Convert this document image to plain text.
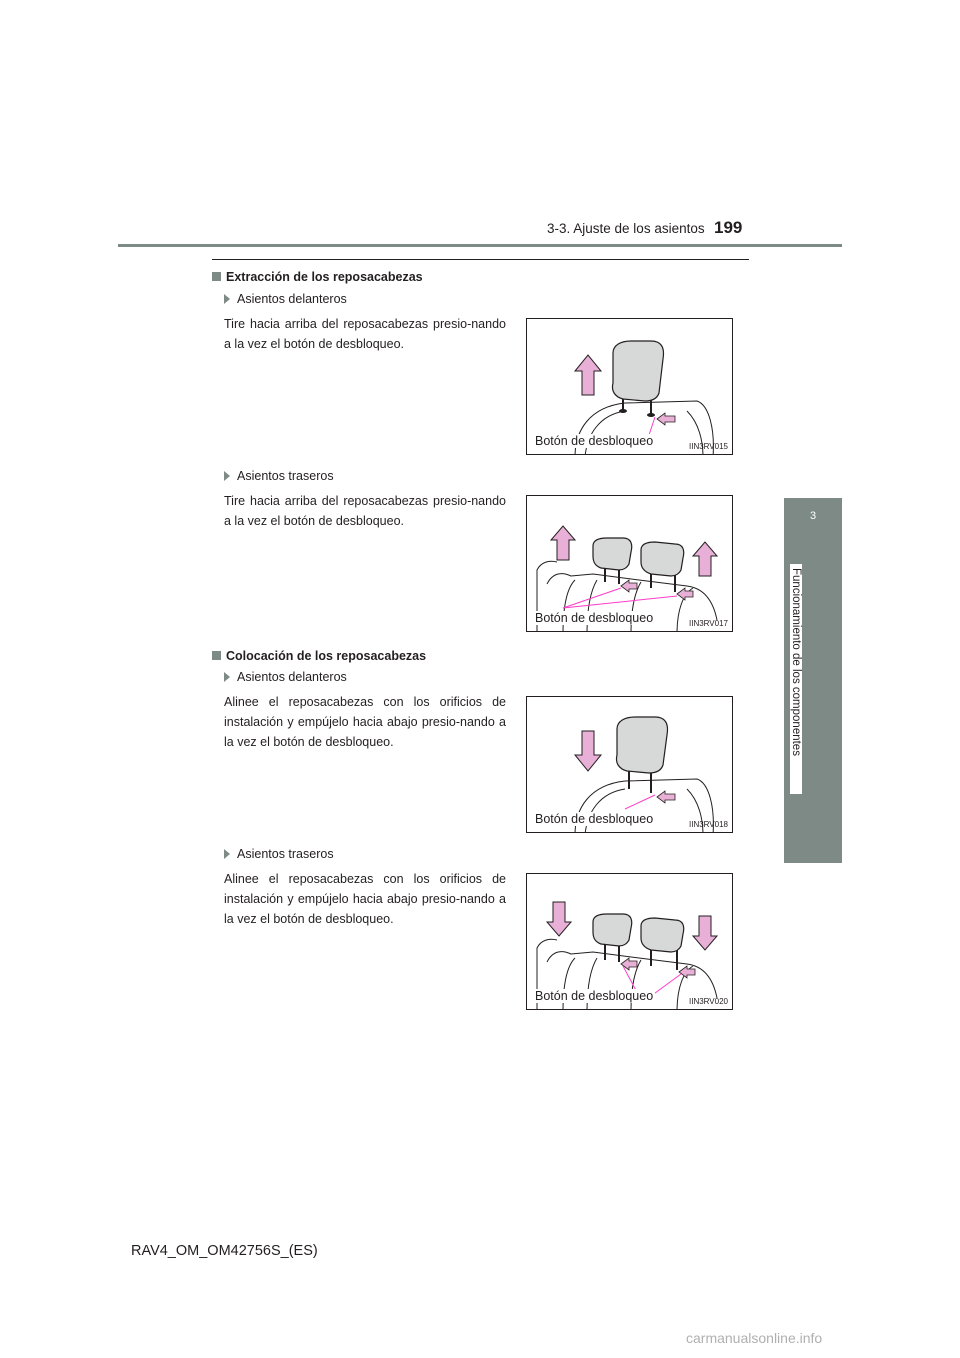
3-3. Ajuste de los asientos 199
3
Funcionamiento de los componentes
Extracción de los reposacabezas
Asientos delanteros
Tire hacia arriba del reposacabezas presio-nando a la vez el botón de desbloqueo.
Botón de desbloqueo	IIN3RV015
Asientos traseros
Tire hacia arriba del reposacabezas presio-nando a la vez el botón de desbloqueo.
Botón de desbloqueo	IIN3RV017
Colocación de los reposacabezas
Asientos delanteros
Alinee el reposacabezas con los orificios de instalación y empújelo hacia abajo presio-nando a la vez el botón de desbloqueo.
Botón de desbloqueo	IIN3RV018
Asientos traseros
Alinee el reposacabezas con los orificios de instalación y empújelo hacia abajo presio-nando a la vez el botón de desbloqueo.
Botón de desbloqueo	IIN3RV020
RAV4_OM_OM42756S_(ES)
carmanualsonline.info
